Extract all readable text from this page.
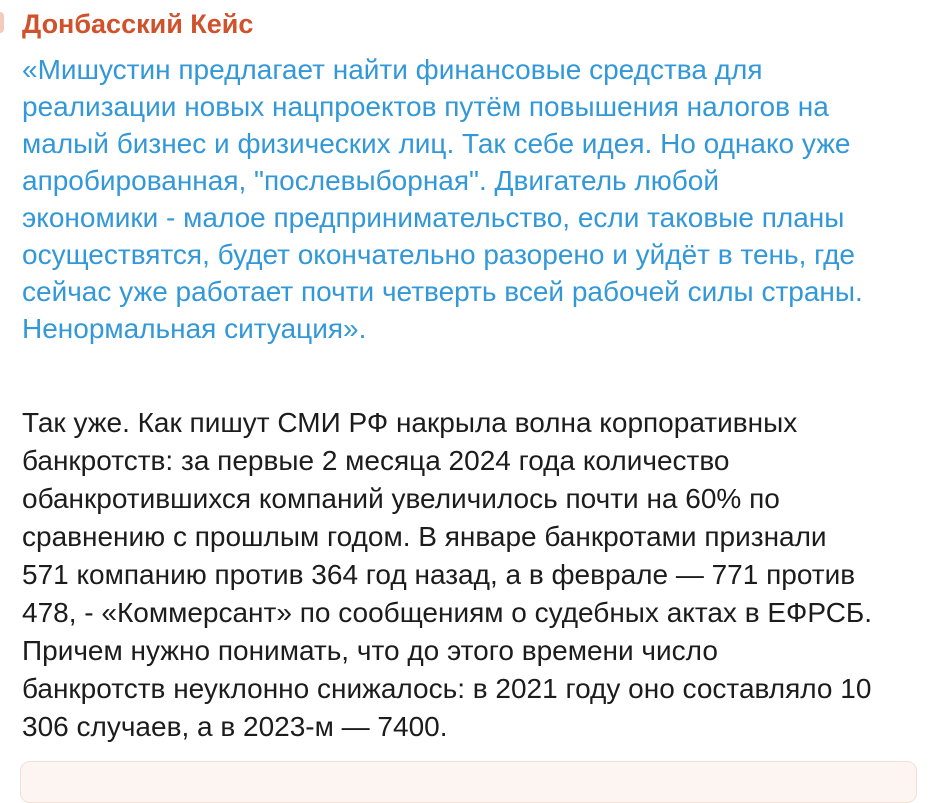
Донбасский Кейс
«Мишустин предлагает найти финансовые средства для
реализации новых нацпроектов путём повышения налогов на
малый бизнес и физических лиц. Так себе идея. Но однако уже
апробированная, "послевыборная". Двигатель любой
экономики - малое предпринимательство, если таковые планы
осуществятся, будет окончательно разорено и уйдёт в тень, где
сейчас уже работает почти четверть всей рабочей силы страны.
Ненормальная ситуация».
Так уже. Как пишут СМИ РФ накрыла волна корпоративных
банкротств: за первые 2 месяца 2024 года количество
обанкротившихся компаний увеличилось почти на 60% по
сравнению с прошлым годом. В январе банкротами признали
571 компанию против 364 год назад, а в феврале — 771 против
478, - «Коммерсант» по сообщениям о судебных актах в ЕФРСБ.
Причем нужно понимать, что до этого времени число
банкротств неуклонно снижалось: в 2021 году оно составляло 10
306 случаев, а в 2023-м — 7400.
